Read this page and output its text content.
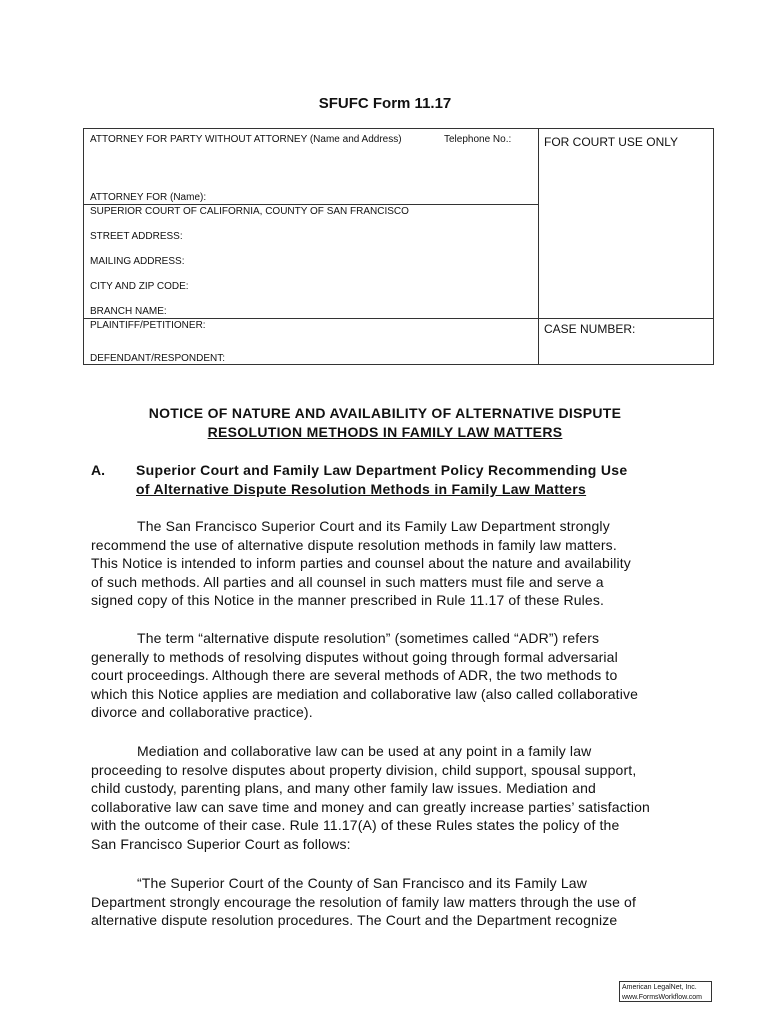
SFUFC Form 11.17
ATTORNEY FOR PARTY WITHOUT ATTORNEY (Name and Address)	Telephone No.:
ATTORNEY FOR (Name):
SUPERIOR COURT OF CALIFORNIA, COUNTY OF SAN FRANCISCO
STREET ADDRESS:
MAILING ADDRESS:
CITY AND ZIP CODE:
BRANCH NAME:
PLAINTIFF/PETITIONER:
DEFENDANT/RESPONDENT:
FOR COURT USE ONLY
CASE NUMBER:
NOTICE OF NATURE AND AVAILABILITY OF ALTERNATIVE DISPUTE
RESOLUTION METHODS IN FAMILY LAW MATTERS
A. Superior Court and Family Law Department Policy Recommending Use
of Alternative Dispute Resolution Methods in Family Law Matters
The San Francisco Superior Court and its Family Law Department strongly
recommend the use of alternative dispute resolution methods in family law matters.
This Notice is intended to inform parties and counsel about the nature and availability
of such methods. All parties and all counsel in such matters must file and serve a
signed copy of this Notice in the manner prescribed in Rule 11.17 of these Rules.
The term “alternative dispute resolution” (sometimes called “ADR”) refers
generally to methods of resolving disputes without going through formal adversarial
court proceedings. Although there are several methods of ADR, the two methods to
which this Notice applies are mediation and collaborative law (also called collaborative
divorce and collaborative practice).
Mediation and collaborative law can be used at any point in a family law
proceeding to resolve disputes about property division, child support, spousal support,
child custody, parenting plans, and many other family law issues. Mediation and
collaborative law can save time and money and can greatly increase parties’ satisfaction
with the outcome of their case. Rule 11.17(A) of these Rules states the policy of the
San Francisco Superior Court as follows:
“The Superior Court of the County of San Francisco and its Family Law
Department strongly encourage the resolution of family law matters through the use of
alternative dispute resolution procedures. The Court and the Department recognize
American LegalNet, Inc.
www.FormsWorkflow.com
